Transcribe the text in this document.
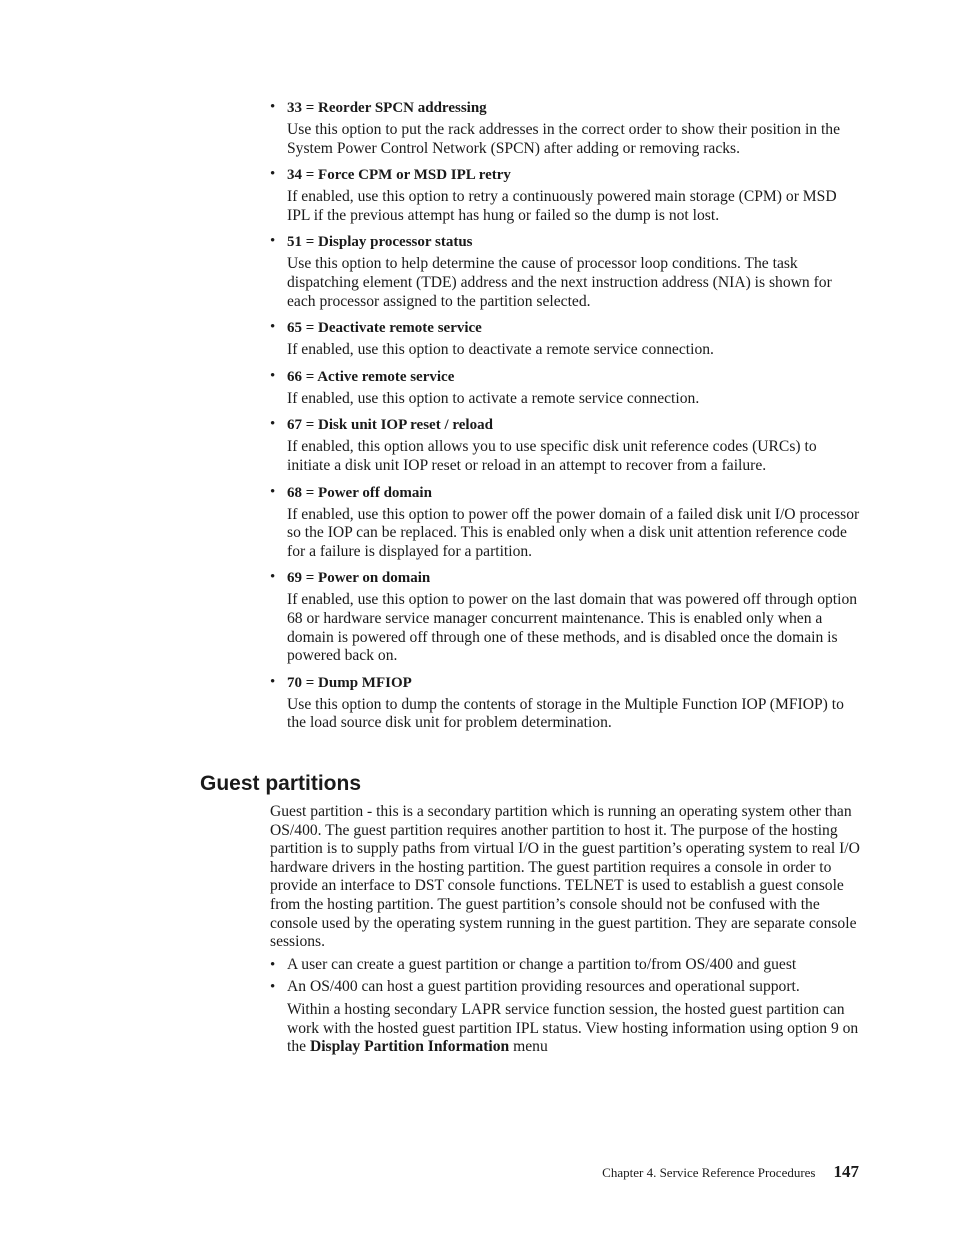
• 33 = Reorder SPCN addressing
Use this option to put the rack addresses in the correct order to show their position in the System Power Control Network (SPCN) after adding or removing racks.
• 34 = Force CPM or MSD IPL retry
If enabled, use this option to retry a continuously powered main storage (CPM) or MSD IPL if the previous attempt has hung or failed so the dump is not lost.
• 51 = Display processor status
Use this option to help determine the cause of processor loop conditions. The task dispatching element (TDE) address and the next instruction address (NIA) is shown for each processor assigned to the partition selected.
• 65 = Deactivate remote service
If enabled, use this option to deactivate a remote service connection.
• 66 = Active remote service
If enabled, use this option to activate a remote service connection.
• 67 = Disk unit IOP reset / reload
If enabled, this option allows you to use specific disk unit reference codes (URCs) to initiate a disk unit IOP reset or reload in an attempt to recover from a failure.
• 68 = Power off domain
If enabled, use this option to power off the power domain of a failed disk unit I/O processor so the IOP can be replaced. This is enabled only when a disk unit attention reference code for a failure is displayed for a partition.
• 69 = Power on domain
If enabled, use this option to power on the last domain that was powered off through option 68 or hardware service manager concurrent maintenance. This is enabled only when a domain is powered off through one of these methods, and is disabled once the domain is powered back on.
• 70 = Dump MFIOP
Use this option to dump the contents of storage in the Multiple Function IOP (MFIOP) to the load source disk unit for problem determination.
Guest partitions

Guest partition - this is a secondary partition which is running an operating system other than OS/400. The guest partition requires another partition to host it. The purpose of the hosting partition is to supply paths from virtual I/O in the guest partition’s operating system to real I/O hardware drivers in the hosting partition. The guest partition requires a console in order to provide an interface to DST console functions. TELNET is used to establish a guest console from the hosting partition. The guest partition’s console should not be confused with the console used by the operating system running in the guest partition. They are separate console sessions.

• A user can create a guest partition or change a partition to/from OS/400 and guest
• An OS/400 can host a guest partition providing resources and operational support.
Within a hosting secondary LAPR service function session, the hosted guest partition can work with the hosted guest partition IPL status. View hosting information using option 9 on the Display Partition Information menu
Chapter 4. Service Reference Procedures 147
